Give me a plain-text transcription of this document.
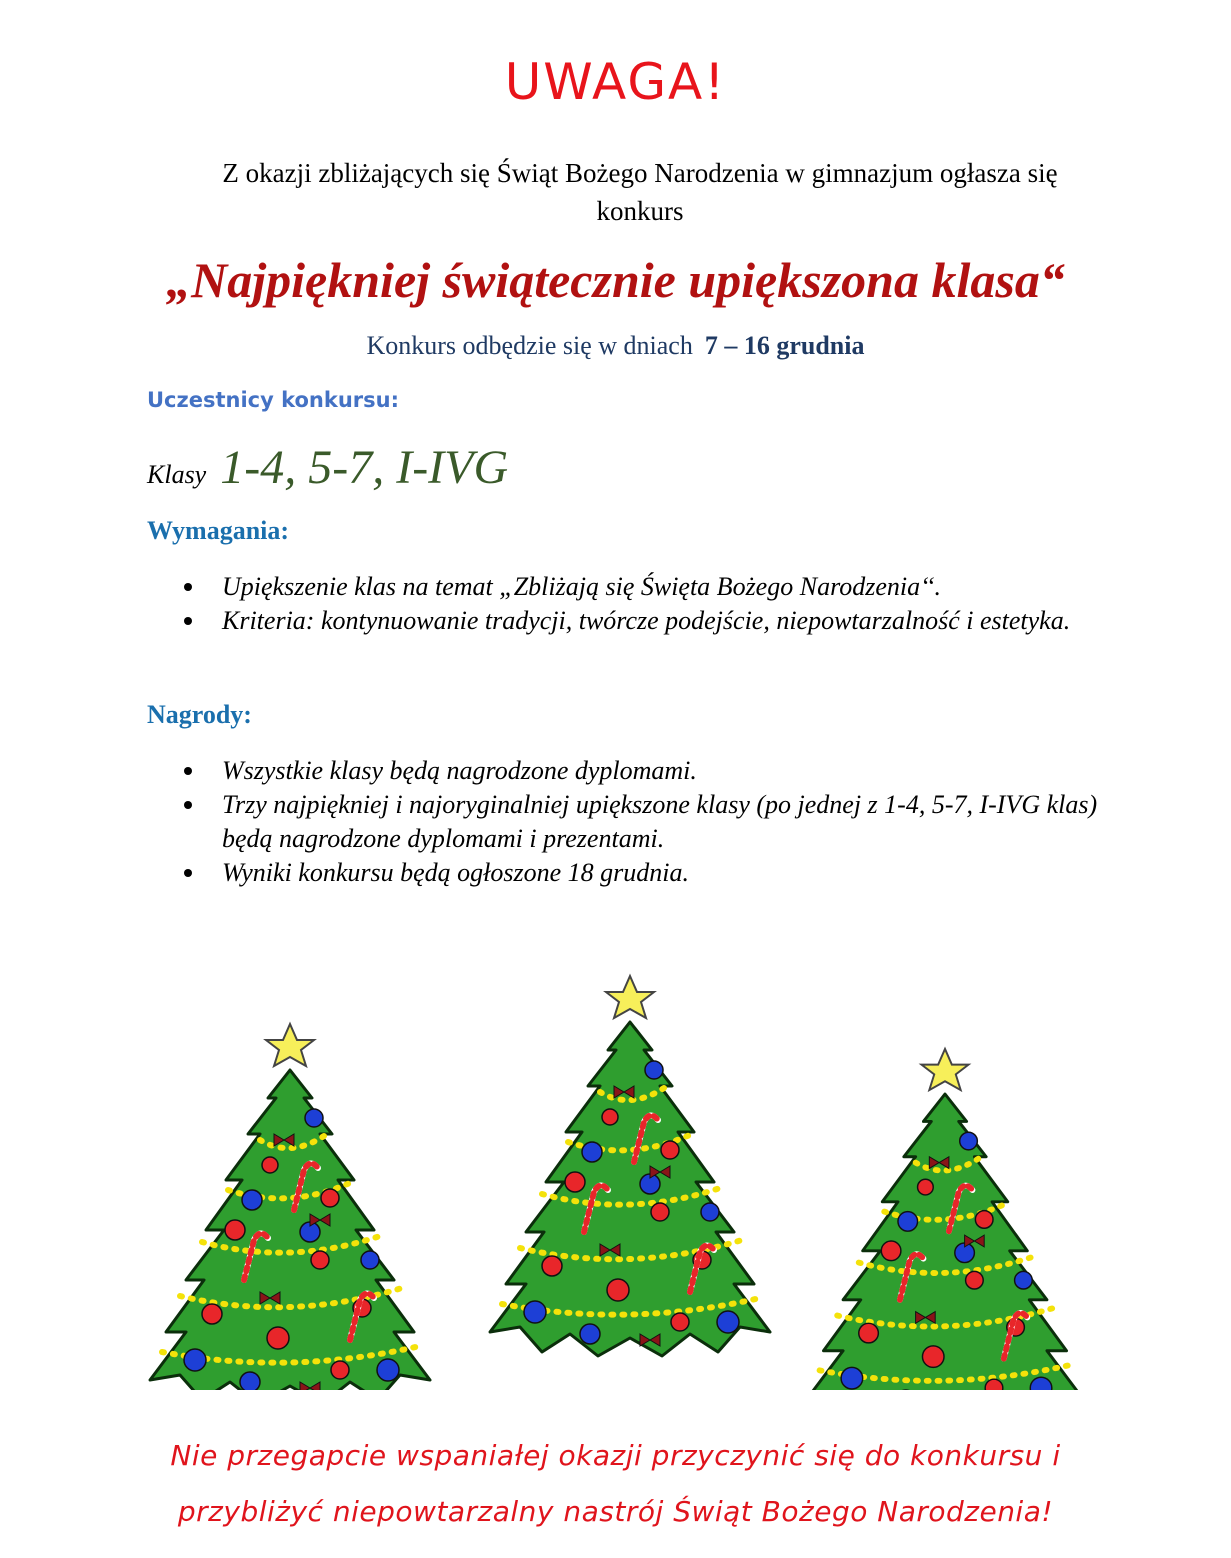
UWAGA!
Z okazji zbliżających się Świąt Bożego Narodzenia w gimnazjum ogłasza się
konkurs
„Najpiękniej świątecznie upiększona klasa“
Konkurs odbędzie się w dniach 7 – 16 grudnia
Uczestnicy konkursu:
Klasy 1-4, 5-7, I-IVG
Wymagania:
Upiększenie klas na temat „Zbliżają się Święta Bożego Narodzenia‘‘.
Kriteria: kontynuowanie tradycji, twórcze podejście, niepowtarzalność i estetyka.
Nagrody:
Wszystkie klasy będą nagrodzone dyplomami.
Trzy najpiękniej i najoryginalniej upiększone klasy (po jednej z 1-4, 5-7, I-IVG klas) będą nagrodzone dyplomami i prezentami.
Wyniki konkursu będą ogłoszone 18 grudnia.
Nie przegapcie wspaniałej okazji przyczynić się do konkursu i
przybliżyć niepowtarzalny nastrój Świąt Bożego Narodzenia!
